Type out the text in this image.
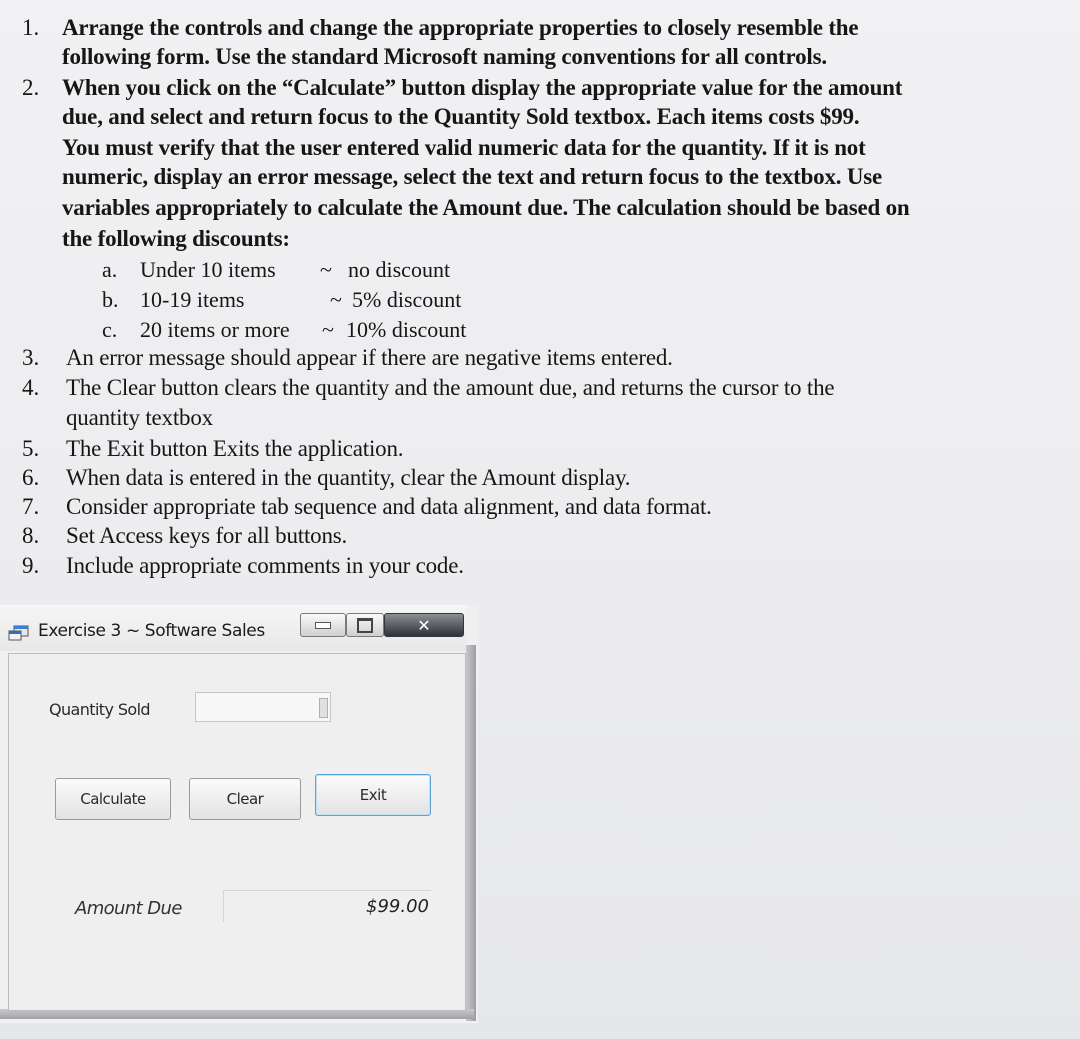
1. Arrange the controls and change the appropriate properties to closely resemble the
following form. Use the standard Microsoft naming conventions for all controls.
2. When you click on the “Calculate” button display the appropriate value for the amount
due, and select and return focus to the Quantity Sold textbox. Each items costs $99.
You must verify that the user entered valid numeric data for the quantity. If it is not
numeric, display an error message, select the text and return focus to the textbox. Use
variables appropriately to calculate the Amount due. The calculation should be based on
the following discounts:
a. Under 10 items ~ no discount
b. 10-19 items	~ 5% discount
c. 20 items or more ~ 10% discount
3. An error message should appear if there are negative items entered.
4. The Clear button clears the quantity and the amount due, and returns the cursor to the
quantity textbox
5. The Exit button Exits the application.
6. When data is entered in the quantity, clear the Amount display.
7. Consider appropriate tab sequence and data alignment, and data format.
8. Set Access keys for all buttons.
9. Include appropriate comments in your code.
Exercise 3 ~ Software Sales	✕
Quantity Sold
Calculate	Clear	Exit
Amount Due	$99.00
